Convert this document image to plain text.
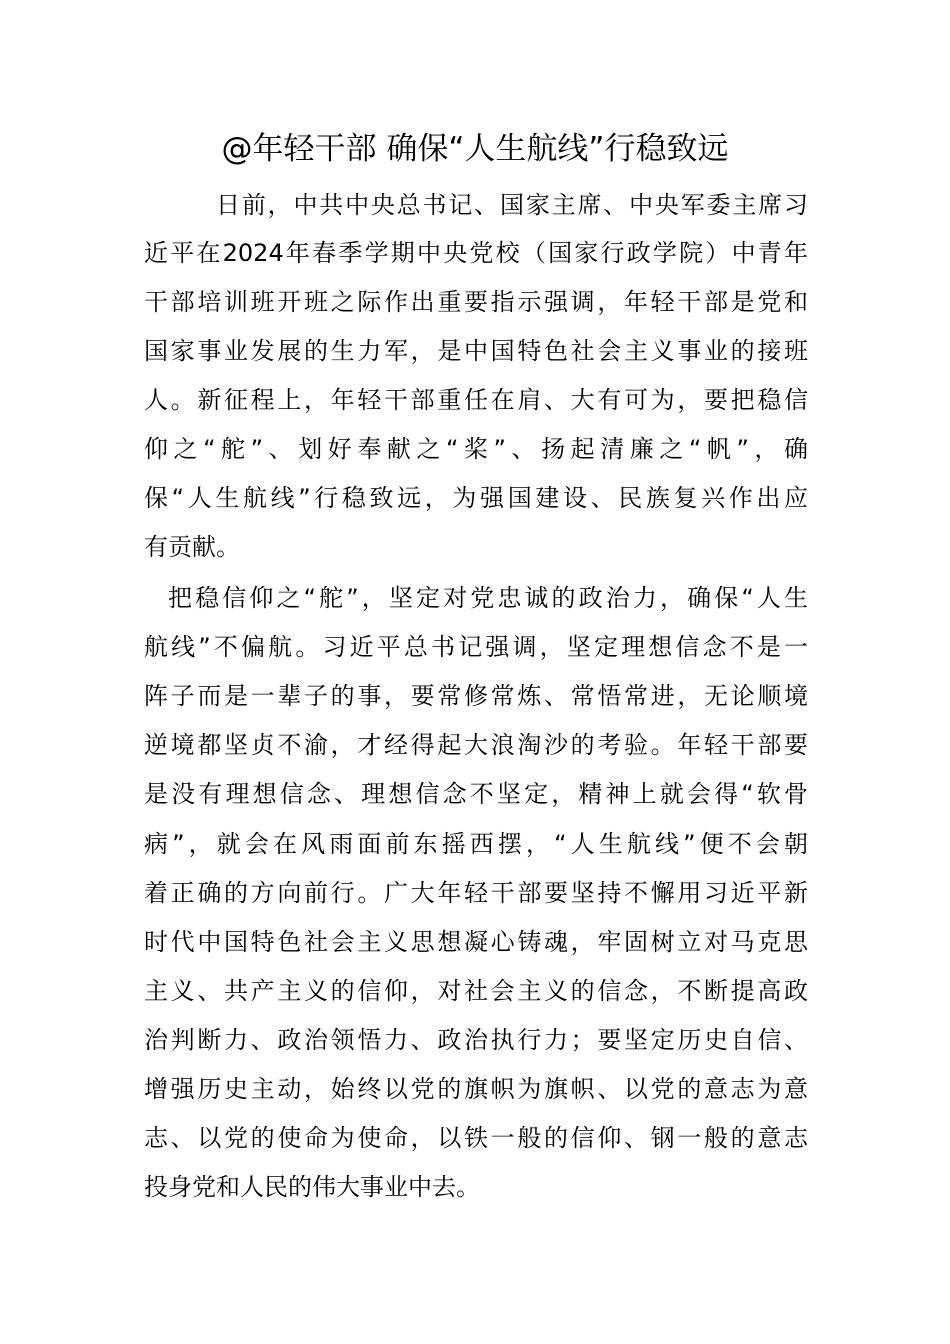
@年轻干部 确保“人生航线”行稳致远
日前，中共中央总书记、国家主席、中央军委主席习
近平在2024年春季学期中央党校（国家行政学院）中青年
干部培训班开班之际作出重要指示强调，年轻干部是党和
国家事业发展的生力军，是中国特色社会主义事业的接班
人。新征程上，年轻干部重任在肩、大有可为，要把稳信
仰之“舵”、划好奉献之“桨”、扬起清廉之“帆”，确
保“人生航线”行稳致远，为强国建设、民族复兴作出应
有贡献。
把稳信仰之“舵”，坚定对党忠诚的政治力，确保“人生
航线”不偏航。习近平总书记强调，坚定理想信念不是一
阵子而是一辈子的事，要常修常炼、常悟常进，无论顺境
逆境都坚贞不渝，才经得起大浪淘沙的考验。年轻干部要
是没有理想信念、理想信念不坚定，精神上就会得“软骨
病”，就会在风雨面前东摇西摆，“人生航线”便不会朝
着正确的方向前行。广大年轻干部要坚持不懈用习近平新
时代中国特色社会主义思想凝心铸魂，牢固树立对马克思
主义、共产主义的信仰，对社会主义的信念，不断提高政
治判断力、政治领悟力、政治执行力；要坚定历史自信、
增强历史主动，始终以党的旗帜为旗帜、以党的意志为意
志、以党的使命为使命，以铁一般的信仰、钢一般的意志
投身党和人民的伟大事业中去。
